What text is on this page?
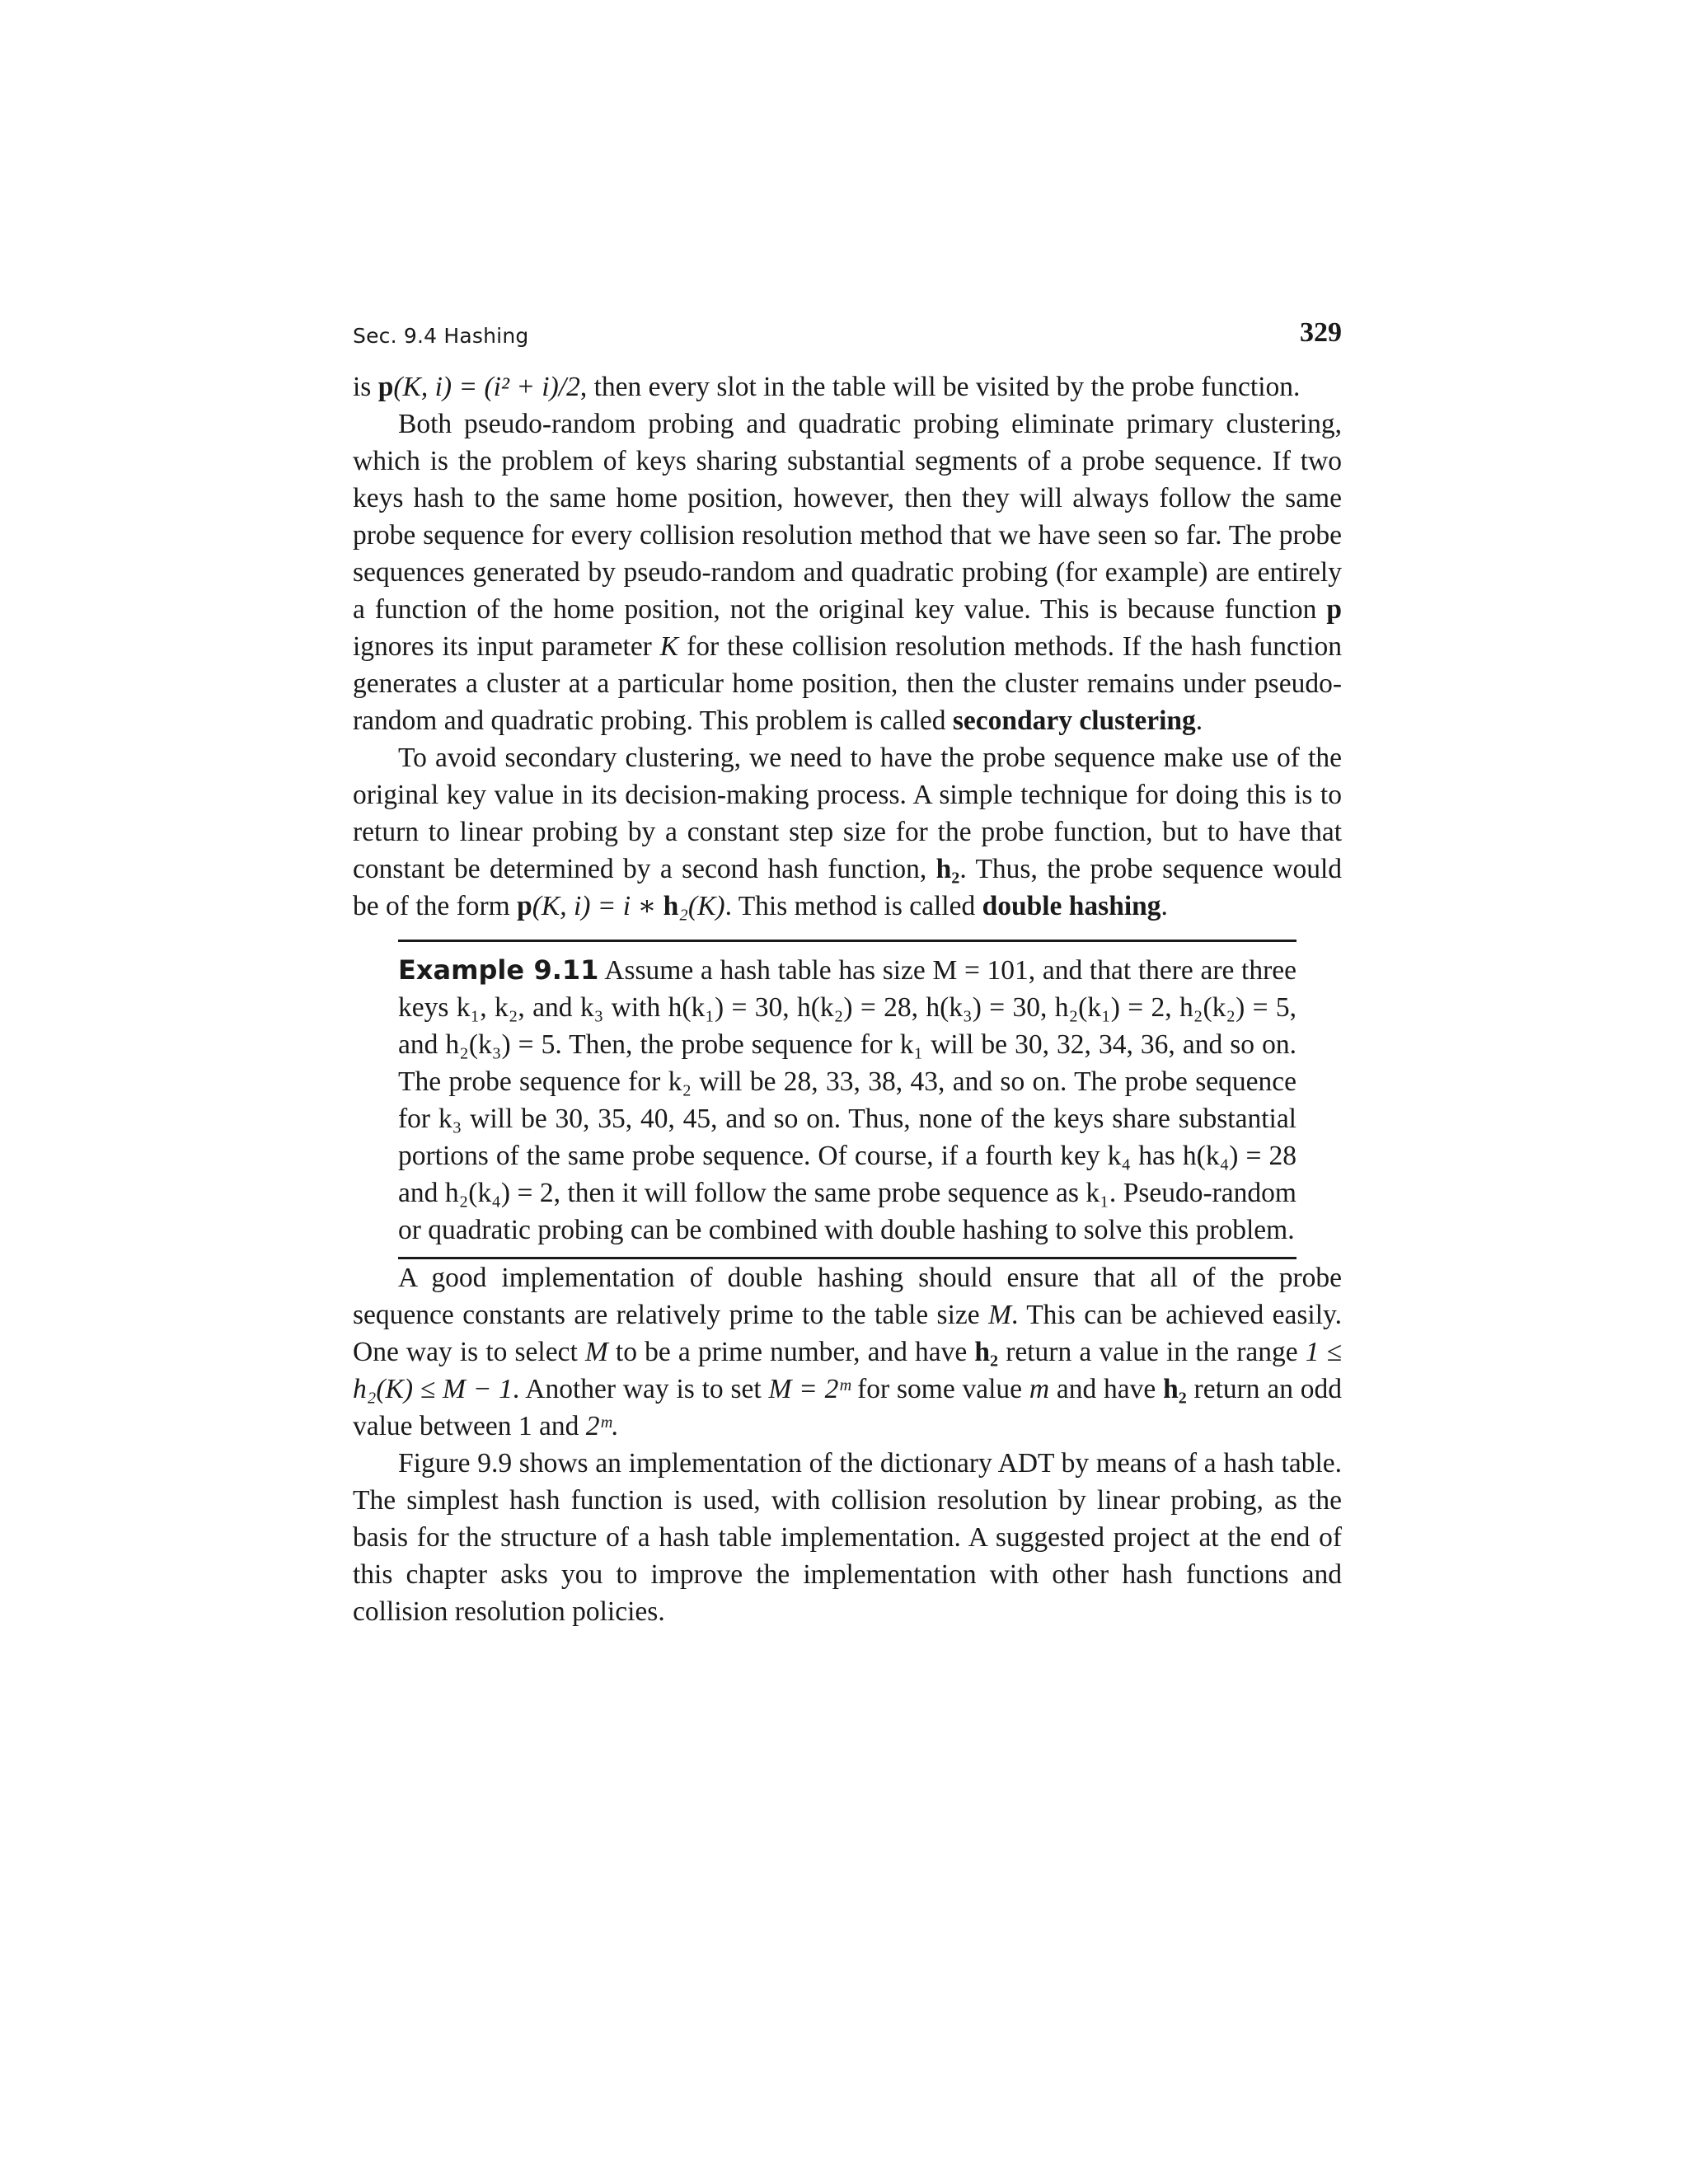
Sec. 9.4 Hashing	329

is p(K, i) = (i² + i)/2, then every slot in the table will be visited by the probe function.

Both pseudo-random probing and quadratic probing eliminate primary clustering, which is the problem of keys sharing substantial segments of a probe sequence. If two keys hash to the same home position, however, then they will always follow the same probe sequence for every collision resolution method that we have seen so far. The probe sequences generated by pseudo-random and quadratic probing (for example) are entirely a function of the home position, not the original key value. This is because function p ignores its input parameter K for these collision resolution methods. If the hash function generates a cluster at a particular home position, then the cluster remains under pseudo-random and quadratic probing. This problem is called secondary clustering.

To avoid secondary clustering, we need to have the probe sequence make use of the original key value in its decision-making process. A simple technique for doing this is to return to linear probing by a constant step size for the probe function, but to have that constant be determined by a second hash function, h₂. Thus, the probe sequence would be of the form p(K, i) = i ∗ h₂(K). This method is called double hashing.

Example 9.11 Assume a hash table has size M = 101, and that there are three keys k₁, k₂, and k₃ with h(k₁) = 30, h(k₂) = 28, h(k₃) = 30, h₂(k₁) = 2, h₂(k₂) = 5, and h₂(k₃) = 5. Then, the probe sequence for k₁ will be 30, 32, 34, 36, and so on. The probe sequence for k₂ will be 28, 33, 38, 43, and so on. The probe sequence for k₃ will be 30, 35, 40, 45, and so on. Thus, none of the keys share substantial portions of the same probe sequence. Of course, if a fourth key k₄ has h(k₄) = 28 and h₂(k₄) = 2, then it will follow the same probe sequence as k₁. Pseudo-random or quadratic probing can be combined with double hashing to solve this problem.

A good implementation of double hashing should ensure that all of the probe sequence constants are relatively prime to the table size M. This can be achieved easily. One way is to select M to be a prime number, and have h₂ return a value in the range 1 ≤ h₂(K) ≤ M − 1. Another way is to set M = 2ᵐ for some value m and have h₂ return an odd value between 1 and 2ᵐ.

Figure 9.9 shows an implementation of the dictionary ADT by means of a hash table. The simplest hash function is used, with collision resolution by linear probing, as the basis for the structure of a hash table implementation. A suggested project at the end of this chapter asks you to improve the implementation with other hash functions and collision resolution policies.
